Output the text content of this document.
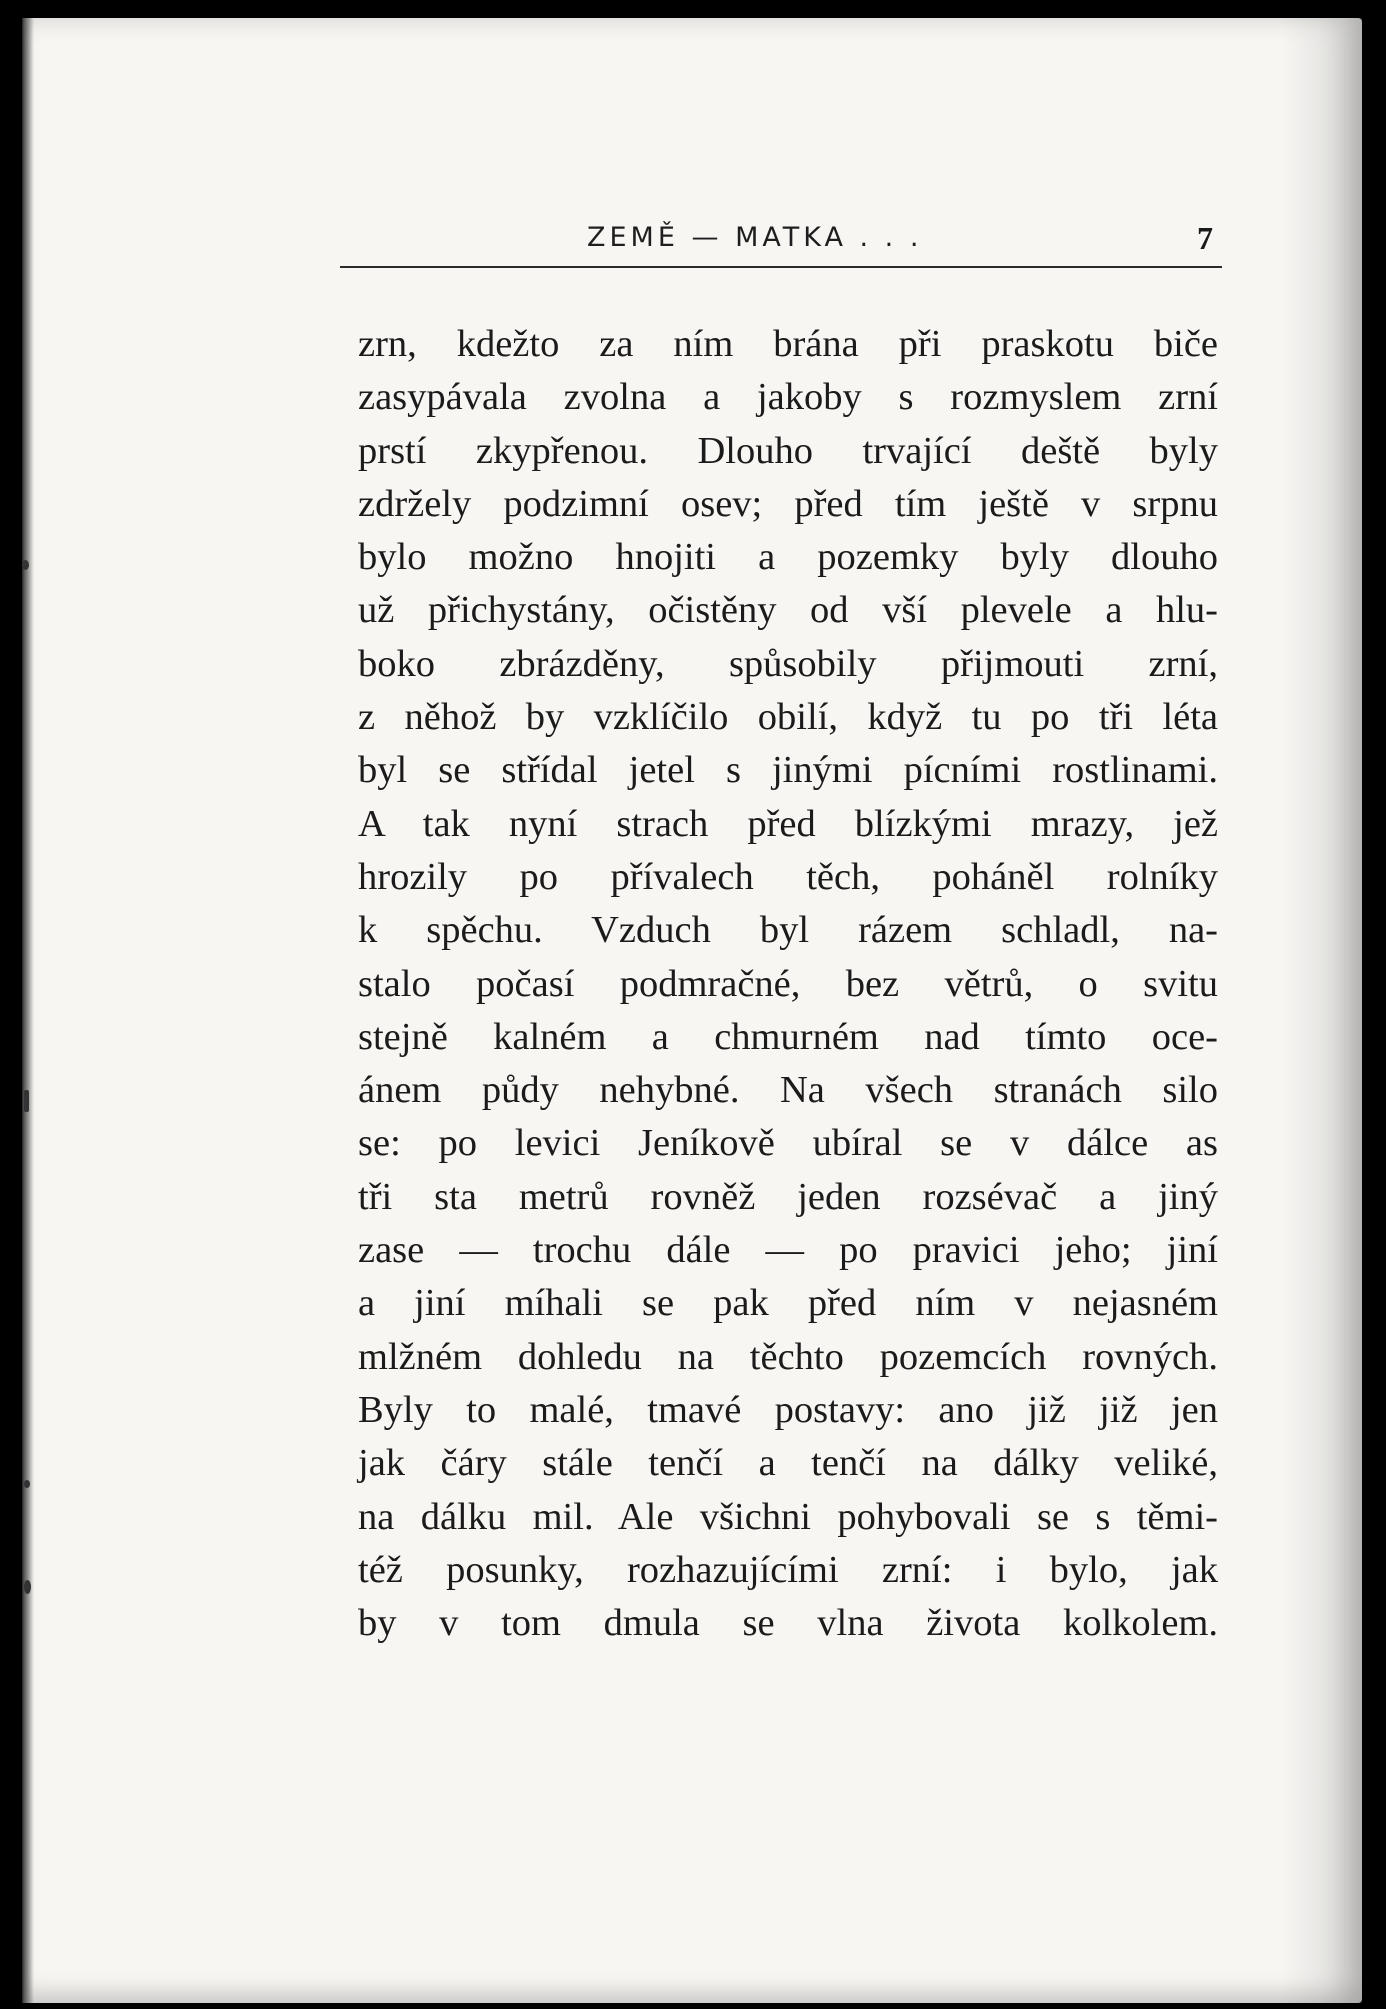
ZEMĚ — MATKA . . .	7
zrn, kdežto za ním brána při praskotu biče
zasypávala zvolna a jakoby s rozmyslem zrní
prstí zkypřenou. Dlouho trvající deště byly
zdržely podzimní osev; před tím ještě v srpnu
bylo možno hnojiti a pozemky byly dlouho
už přichystány, očistěny od vší plevele a hlu-
boko zbrázděny, spůsobily přijmouti zrní,
z něhož by vzklíčilo obilí, když tu po tři léta
byl se střídal jetel s jinými pícními rostlinami.
A tak nyní strach před blízkými mrazy, jež
hrozily po přívalech těch, poháněl rolníky
k spěchu. Vzduch byl rázem schladl, na-
stalo počasí podmračné, bez větrů, o svitu
stejně kalném a chmurném nad tímto oce-
ánem půdy nehybné. Na všech stranách silo
se: po levici Jeníkově ubíral se v dálce as
tři sta metrů rovněž jeden rozsévač a jiný
zase — trochu dále — po pravici jeho; jiní
a jiní míhali se pak před ním v nejasném
mlžném dohledu na těchto pozemcích rovných.
Byly to malé, tmavé postavy: ano již již jen
jak čáry stále tenčí a tenčí na dálky veliké,
na dálku mil. Ale všichni pohybovali se s těmi-
též posunky, rozhazujícími zrní: i bylo, jak
by v tom dmula se vlna života kolkolem.
